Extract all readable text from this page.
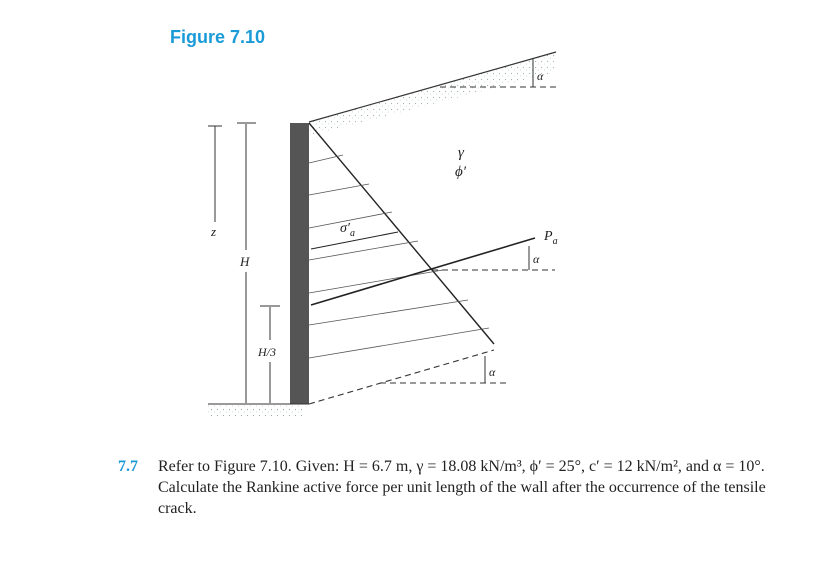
Figure 7.10
$\sigma'_a$	$P_a$
γ
ϕ′
α
α
α
z
H
H/3
7.7 Refer to Figure 7.10. Given: H = 6.7 m, γ = 18.08 kN/m³, ϕ′ = 25°, c′ = 12 kN/m², and α = 10°. Calculate the Rankine active force per unit length of the wall after the occurrence of the tensile crack.
